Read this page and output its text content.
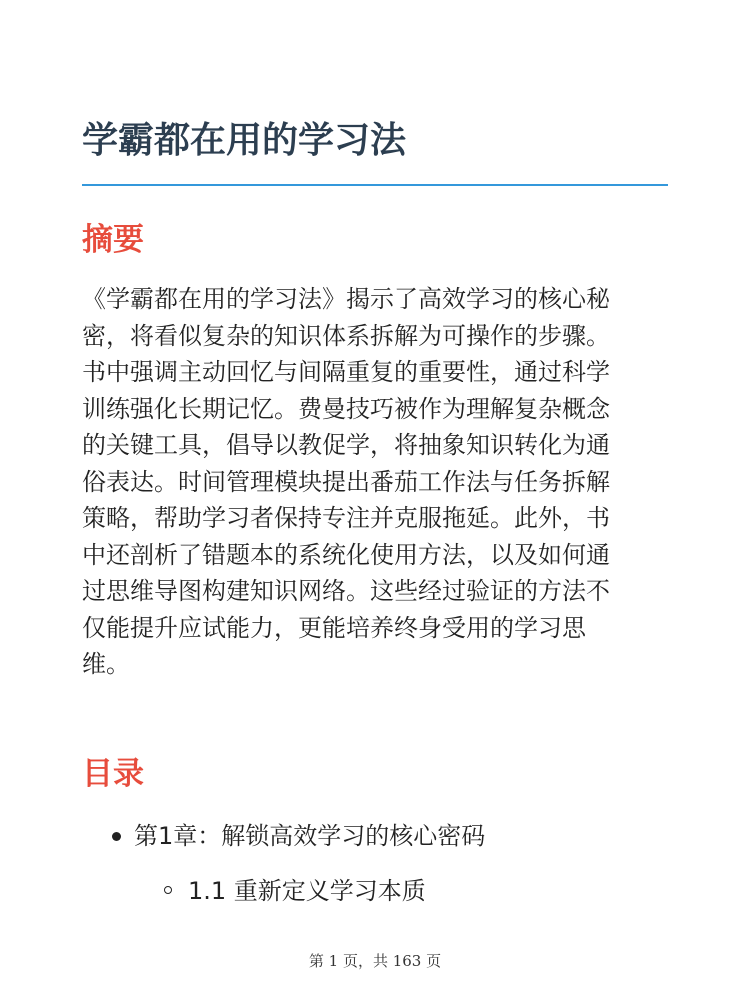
学霸都在用的学习法
摘要
《学霸都在用的学习法》揭示了高效学习的核心秘
密，将看似复杂的知识体系拆解为可操作的步骤。
书中强调主动回忆与间隔重复的重要性，通过科学
训练强化长期记忆。费曼技巧被作为理解复杂概念
的关键工具，倡导以教促学，将抽象知识转化为通
俗表达。时间管理模块提出番茄工作法与任务拆解
策略，帮助学习者保持专注并克服拖延。此外，书
中还剖析了错题本的系统化使用方法，以及如何通
过思维导图构建知识网络。这些经过验证的方法不
仅能提升应试能力，更能培养终身受用的学习思
维。
目录

第1章：解锁高效学习的核心密码

1.1 重新定义学习本质

第 1 页，共 163 页
